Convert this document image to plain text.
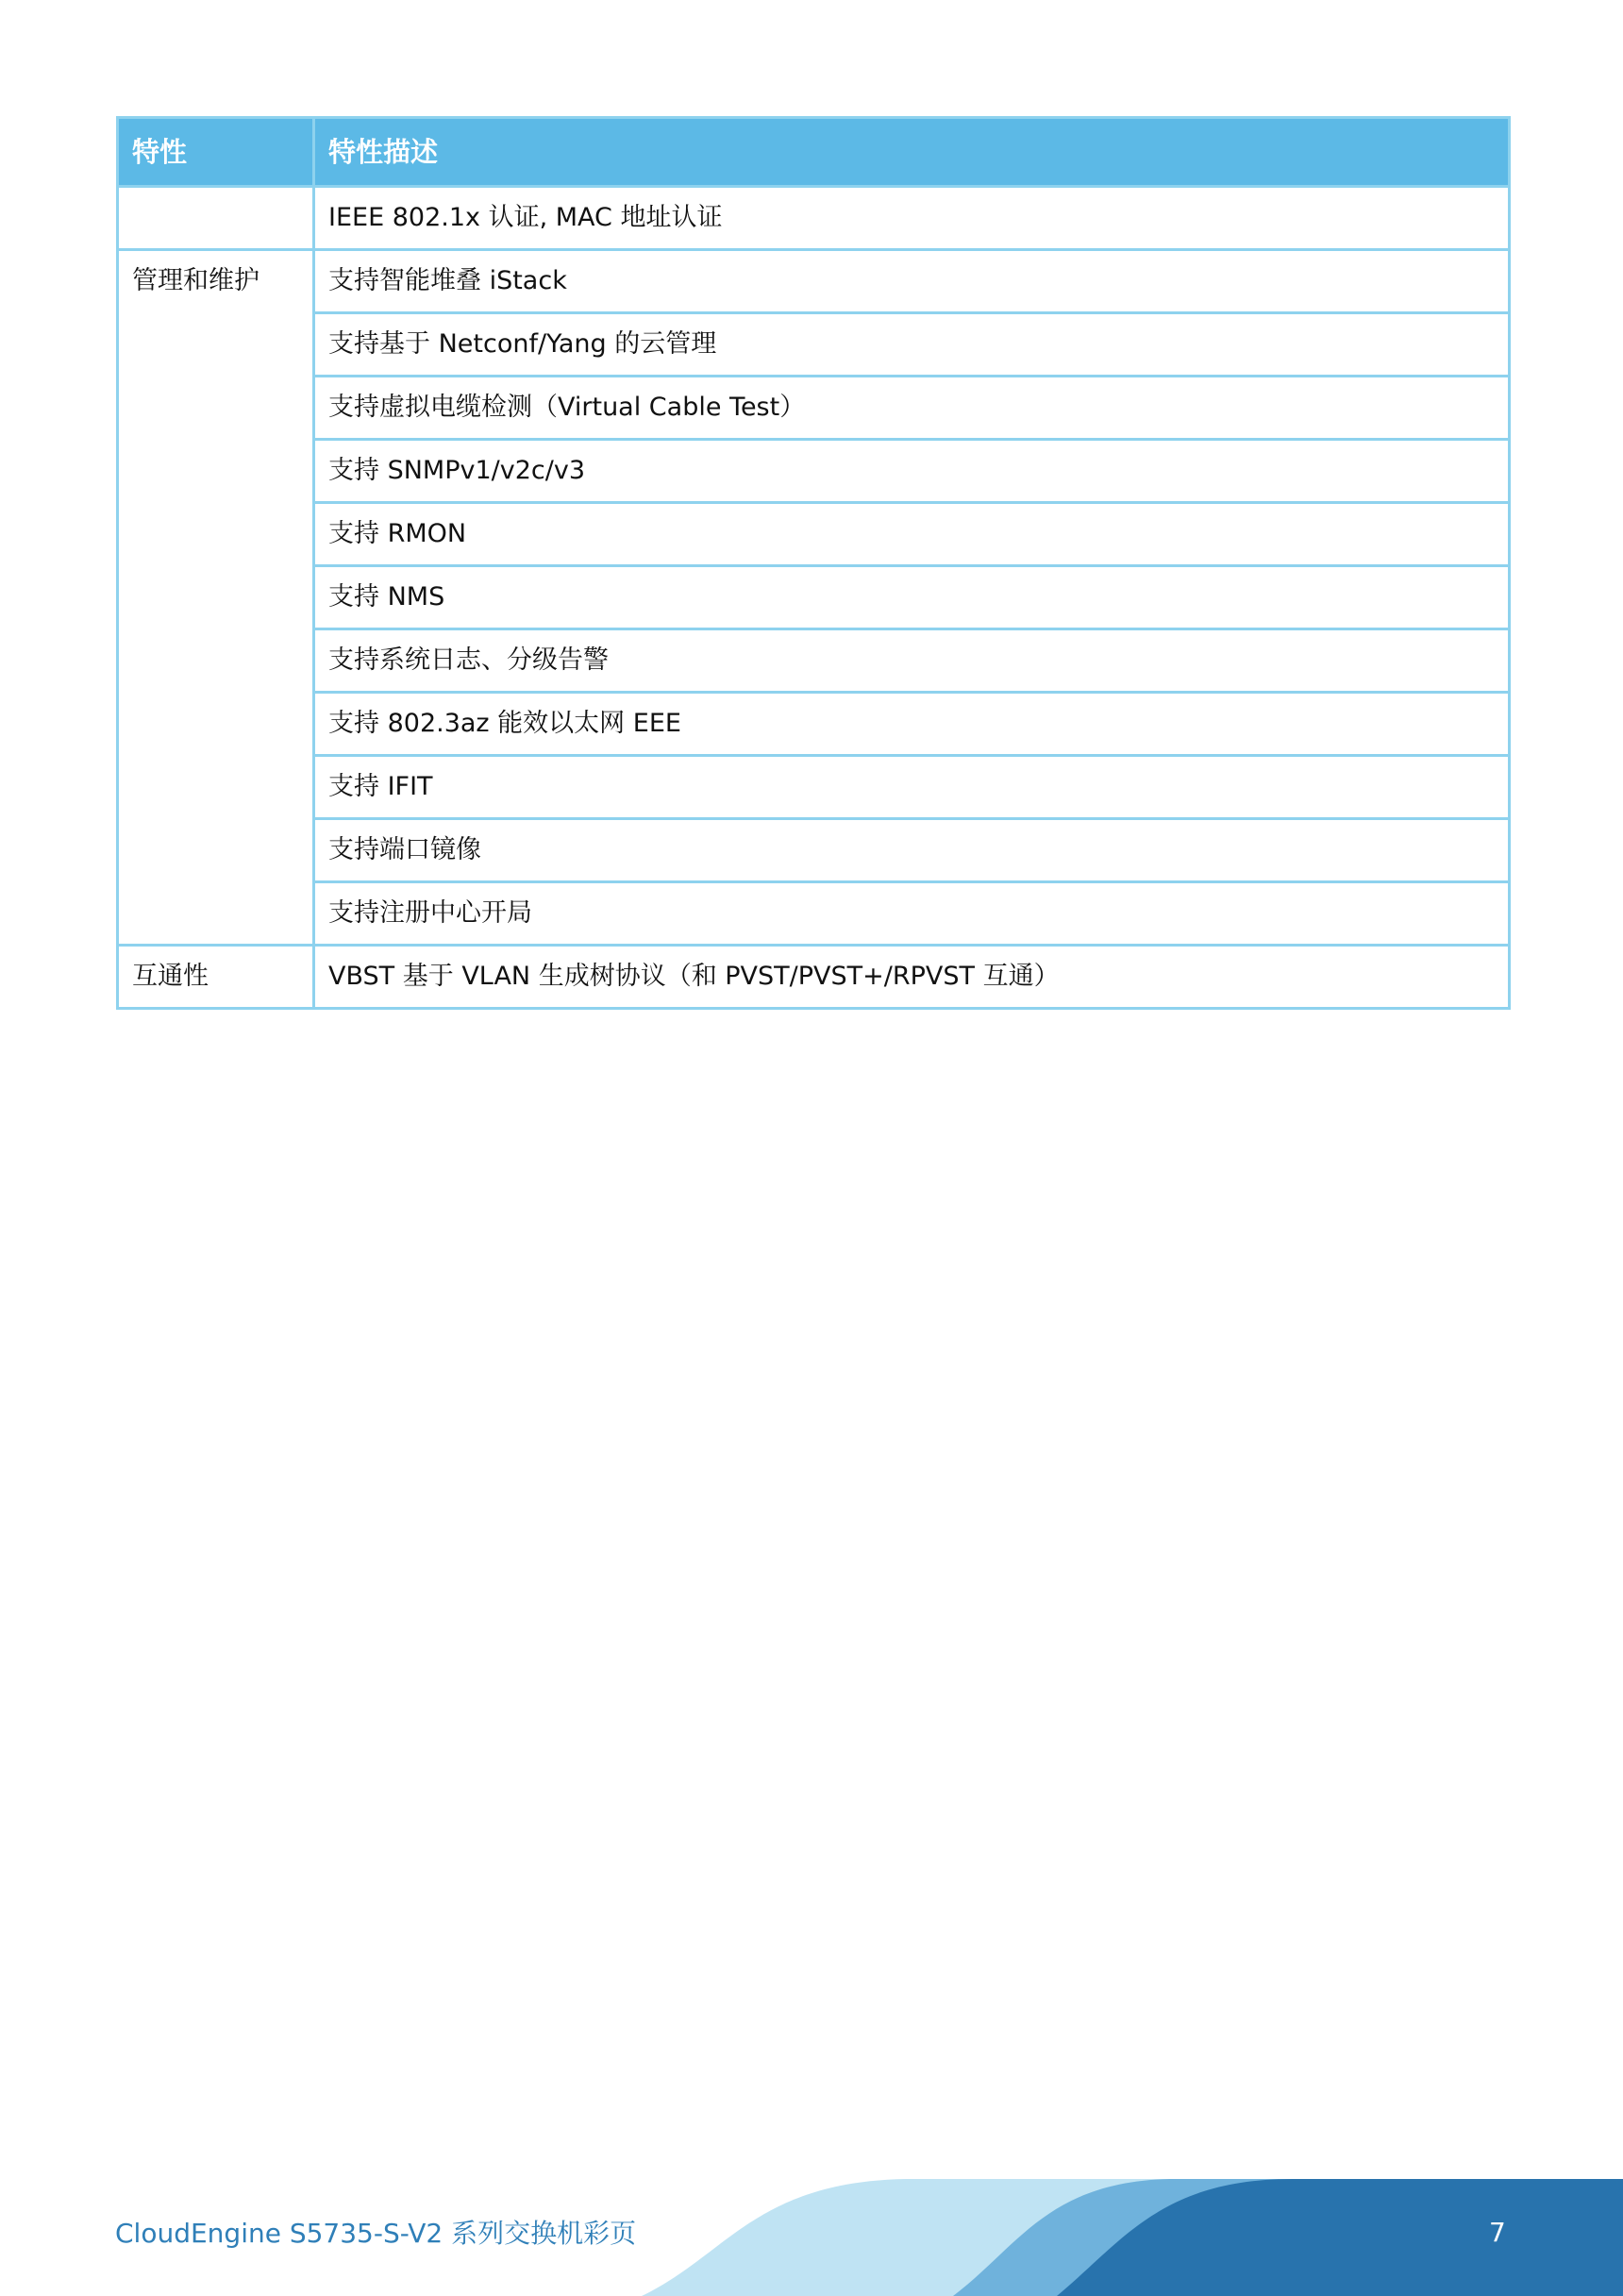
特性	特性描述
	IEEE 802.1x 认证, MAC 地址认证
管理和维护	支持智能堆叠 iStack
	支持基于 Netconf/Yang 的云管理
	支持虚拟电缆检测（Virtual Cable Test）
	支持 SNMPv1/v2c/v3
	支持 RMON
	支持 NMS
	支持系统日志、分级告警
	支持 802.3az 能效以太网 EEE
	支持 IFIT
	支持端口镜像
	支持注册中心开局
互通性	VBST 基于 VLAN 生成树协议（和 PVST/PVST+/RPVST 互通）
CloudEngine S5735-S-V2 系列交换机彩页	7
